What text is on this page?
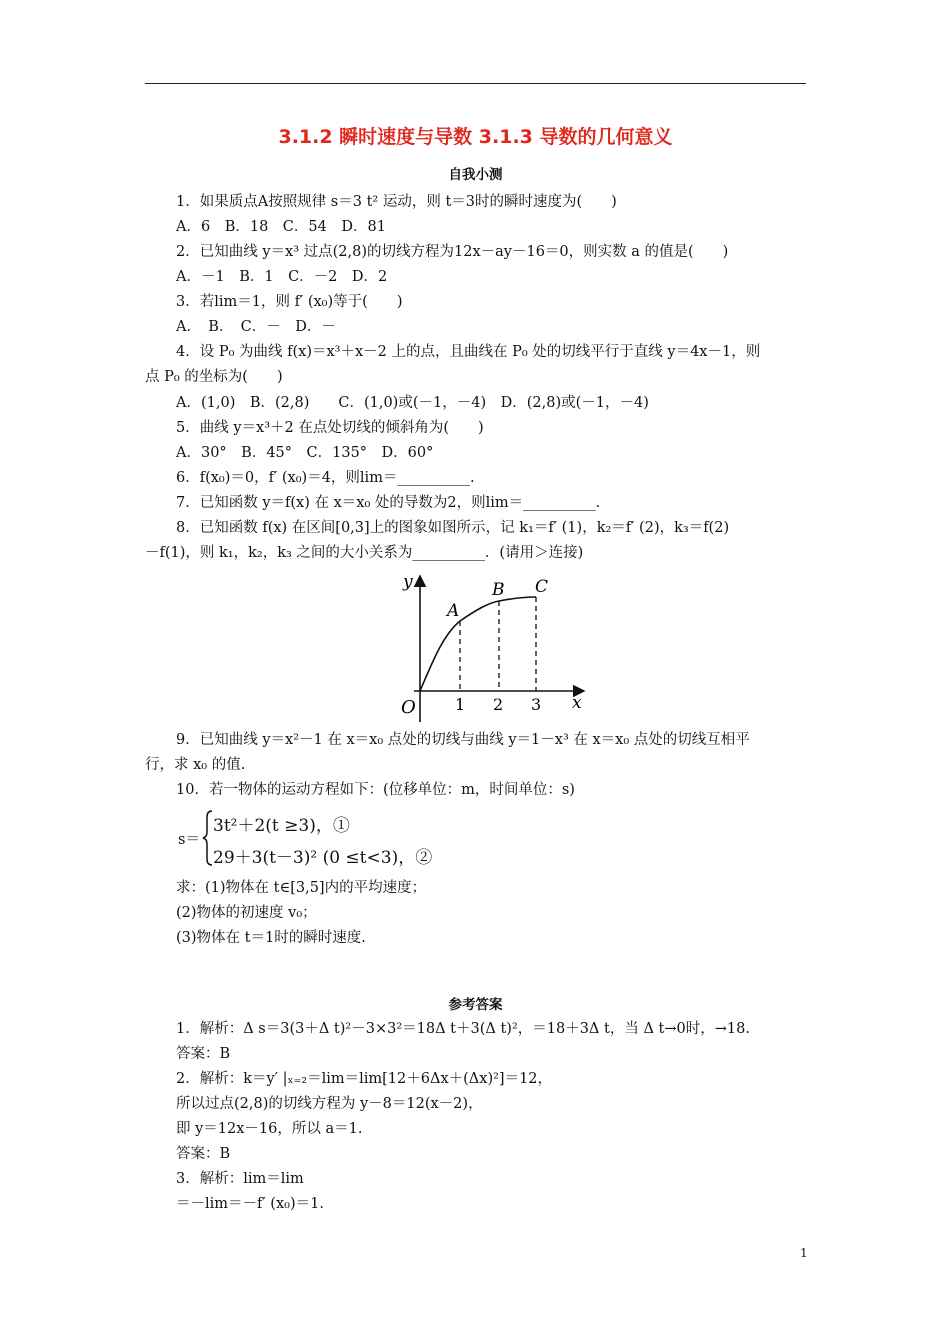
3.1.2 瞬时速度与导数 3.1.3 导数的几何意义
自我小测
1．如果质点A按照规律 s＝3 t² 运动，则 t＝3时的瞬时速度为(　　)
A．6　B．18　C．54　D．81
2．已知曲线 y＝x³ 过点(2,8)的切线方程为12x－ay－16＝0，则实数 a 的值是(　　)
A．－1　B．1　C．－2　D．2
3．若lim＝1，则 f′ (x₀)等于(　　)
A．　B．　C．－　D．－
4．设 P₀ 为曲线 f(x)＝x³＋x－2 上的点，且曲线在 P₀ 处的切线平行于直线 y＝4x－1，则
点 P₀ 的坐标为(　　)
A．(1,0)　B．(2,8)　　C．(1,0)或(－1，－4)　D．(2,8)或(－1，－4)
5．曲线 y＝x³＋2 在点处切线的倾斜角为(　　)
A．30°　B．45°　C．135°　D．60°
6．f(x₀)＝0，f′ (x₀)＝4，则lim＝__________.
7．已知函数 y＝f(x) 在 x＝x₀ 处的导数为2，则lim＝__________.
8．已知函数 f(x) 在区间[0,3]上的图象如图所示，记 k₁＝f′ (1)，k₂＝f′ (2)，k₃＝f(2)
－f(1)，则 k₁，k₂，k₃ 之间的大小关系为__________．(请用＞连接)
y
x
O
A
B C
1 2 3
9．已知曲线 y＝x²－1 在 x＝x₀ 点处的切线与曲线 y＝1－x³ 在 x＝x₀ 点处的切线互相平
行，求 x₀ 的值.
10．若一物体的运动方程如下：(位移单位：m，时间单位：s)
s＝
3t²＋2(t ≥3)，①
29＋3(t－3)² (0 ≤t<3)，②
求：(1)物体在 t∈[3,5]内的平均速度；
(2)物体的初速度 v₀；
(3)物体在 t＝1时的瞬时速度.
参考答案
1．解析：Δ s＝3(3＋Δ t)²－3×3²＝18Δ t＋3(Δ t)²，＝18＋3Δ t，当 Δ t→0时，→18.
答案：B
2．解析：k＝y′ |ₓ₌₂＝lim＝lim[12＋6Δx＋(Δx)²]＝12，
所以过点(2,8)的切线方程为 y－8＝12(x－2)，
即 y＝12x－16，所以 a＝1.
答案：B
3．解析：lim＝lim
＝－lim＝－f′ (x₀)＝1.
1
